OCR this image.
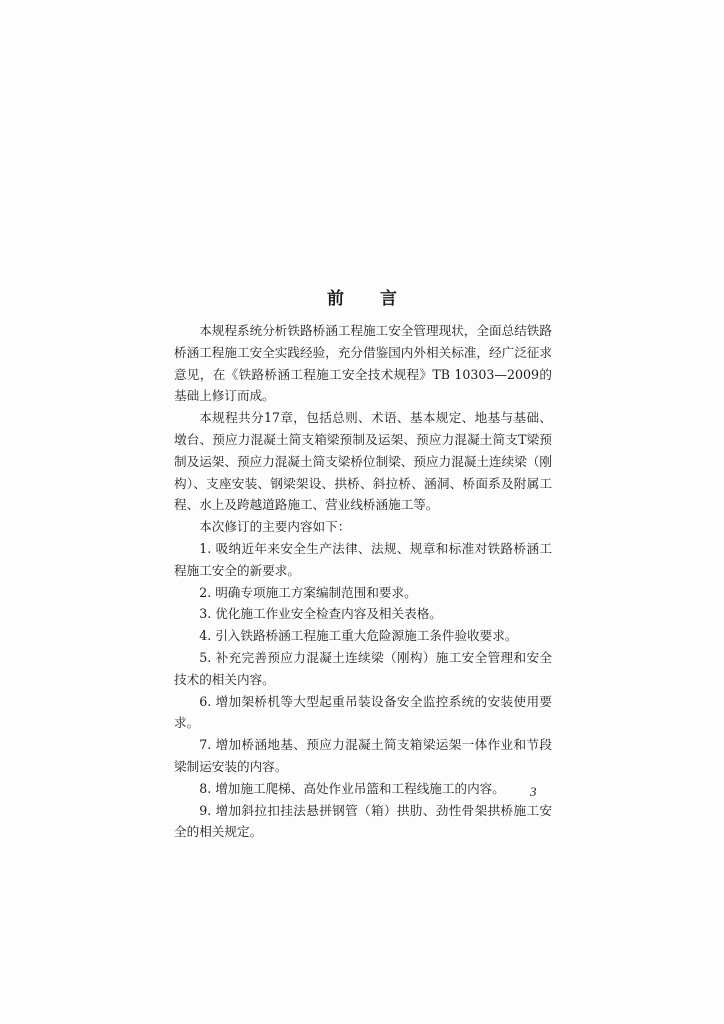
前 言

本规程系统分析铁路桥涵工程施工安全管理现状，全面总结铁路桥涵工程施工安全实践经验，充分借鉴国内外相关标准，经广泛征求意见，在《铁路桥涵工程施工安全技术规程》TB 10303—2009的基础上修订而成。

本规程共分17章，包括总则、术语、基本规定、地基与基础、墩台、预应力混凝土简支箱梁预制及运架、预应力混凝土简支T梁预制及运架、预应力混凝土简支梁桥位制梁、预应力混凝土连续梁（刚构）、支座安装、钢梁架设、拱桥、斜拉桥、涵洞、桥面系及附属工程、水上及跨越道路施工、营业线桥涵施工等。

本次修订的主要内容如下：

1. 吸纳近年来安全生产法律、法规、规章和标准对铁路桥涵工程施工安全的新要求。

2. 明确专项施工方案编制范围和要求。

3. 优化施工作业安全检查内容及相关表格。

4. 引入铁路桥涵工程施工重大危险源施工条件验收要求。

5. 补充完善预应力混凝土连续梁（刚构）施工安全管理和安全技术的相关内容。

6. 增加架桥机等大型起重吊装设备安全监控系统的安装使用要求。

7. 增加桥涵地基、预应力混凝土简支箱梁运架一体作业和节段梁制运安装的内容。

8. 增加施工爬梯、高处作业吊篮和工程线施工的内容。

9. 增加斜拉扣挂法悬拼钢管（箱）拱肋、劲性骨架拱桥施工安全的相关规定。

3
